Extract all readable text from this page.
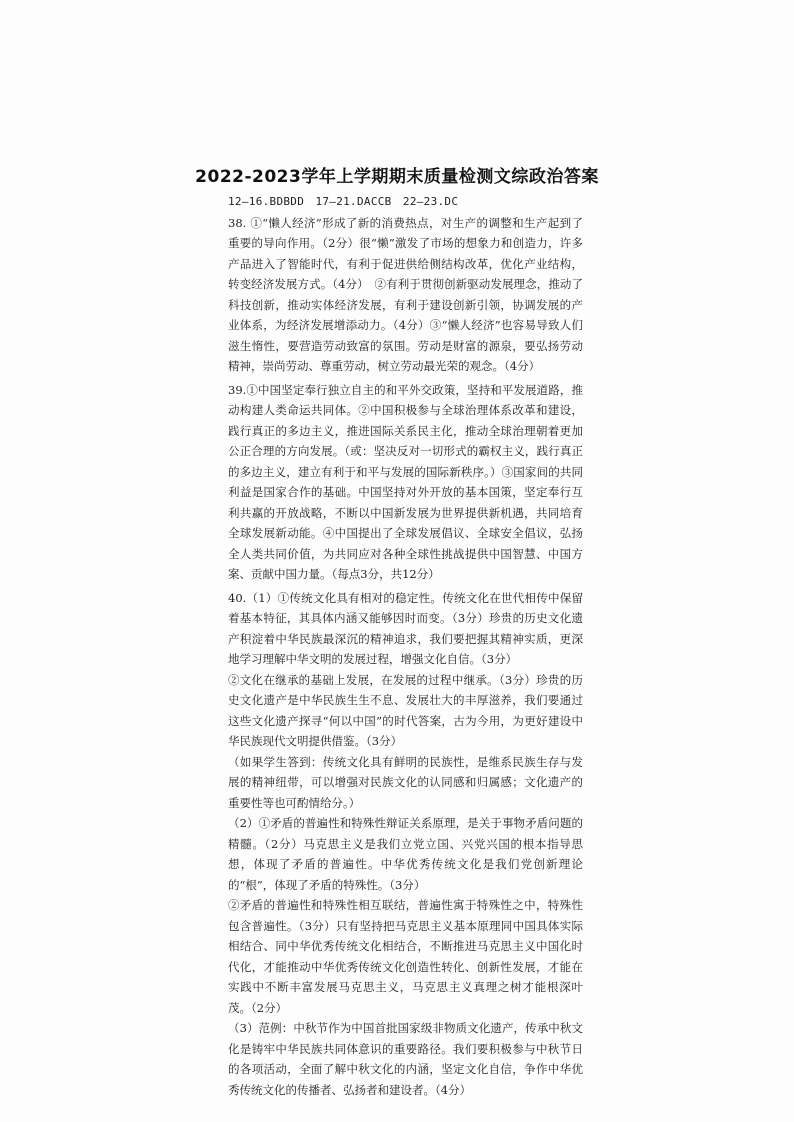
2022-2023学年上学期期末质量检测文综政治答案

12—16.BDBDD　17—21.DACCB　22—23.DC

38. ①“懒人经济”形成了新的消费热点，对生产的调整和生产起到了重要的导向作用。（2分）很“懒”激发了市场的想象力和创造力，许多产品进入了智能时代，有利于促进供给侧结构改革，优化产业结构，转变经济发展方式。（4分）　②有利于贯彻创新驱动发展理念，推动了科技创新，推动实体经济发展，有利于建设创新引领，协调发展的产业体系，为经济发展增添动力。（4分）③“懒人经济”也容易导致人们滋生惰性，要营造劳动致富的氛围。劳动是财富的源泉，要弘扬劳动精神，崇尚劳动、尊重劳动，树立劳动最光荣的观念。（4分）

39.①中国坚定奉行独立自主的和平外交政策，坚持和平发展道路，推动构建人类命运共同体。②中国积极参与全球治理体系改革和建设，践行真正的多边主义，推进国际关系民主化，推动全球治理朝着更加公正合理的方向发展。（或：坚决反对一切形式的霸权主义，践行真正的多边主义，建立有利于和平与发展的国际新秩序。）③国家间的共同利益是国家合作的基础。中国坚持对外开放的基本国策，坚定奉行互利共赢的开放战略，不断以中国新发展为世界提供新机遇，共同培育全球发展新动能。④中国提出了全球发展倡议、全球安全倡议，弘扬全人类共同价值，为共同应对各种全球性挑战提供中国智慧、中国方案、贡献中国力量。（每点3分，共12分）

40.（1）①传统文化具有相对的稳定性。传统文化在世代相传中保留着基本特征，其具体内涵又能够因时而变。（3分）珍贵的历史文化遗产积淀着中华民族最深沉的精神追求，我们要把握其精神实质，更深地学习理解中华文明的发展过程，增强文化自信。（3分）

②文化在继承的基础上发展，在发展的过程中继承。（3分）珍贵的历史文化遗产是中华民族生生不息、发展壮大的丰厚滋养，我们要通过这些文化遗产探寻“何以中国”的时代答案，古为今用，为更好建设中华民族现代文明提供借鉴。（3分）

（如果学生答到：传统文化具有鲜明的民族性，是维系民族生存与发展的精神纽带，可以增强对民族文化的认同感和归属感；文化遗产的重要性等也可酌情给分。）

（2）①矛盾的普遍性和特殊性辩证关系原理，是关于事物矛盾问题的精髓。（2分）马克思主义是我们立党立国、兴党兴国的根本指导思想，体现了矛盾的普遍性。中华优秀传统文化是我们党创新理论的“根”，体现了矛盾的特殊性。（3分）

②矛盾的普遍性和特殊性相互联结，普遍性寓于特殊性之中，特殊性包含普遍性。（3分）只有坚持把马克思主义基本原理同中国具体实际相结合、同中华优秀传统文化相结合，不断推进马克思主义中国化时代化，才能推动中华优秀传统文化创造性转化、创新性发展，才能在实践中不断丰富发展马克思主义，马克思主义真理之树才能根深叶茂。（2分）

（3）范例：中秋节作为中国首批国家级非物质文化遗产，传承中秋文化是铸牢中华民族共同体意识的重要路径。我们要积极参与中秋节日的各项活动，全面了解中秋文化的内涵，坚定文化自信，争作中华优秀传统文化的传播者、弘扬者和建设者。（4分）
